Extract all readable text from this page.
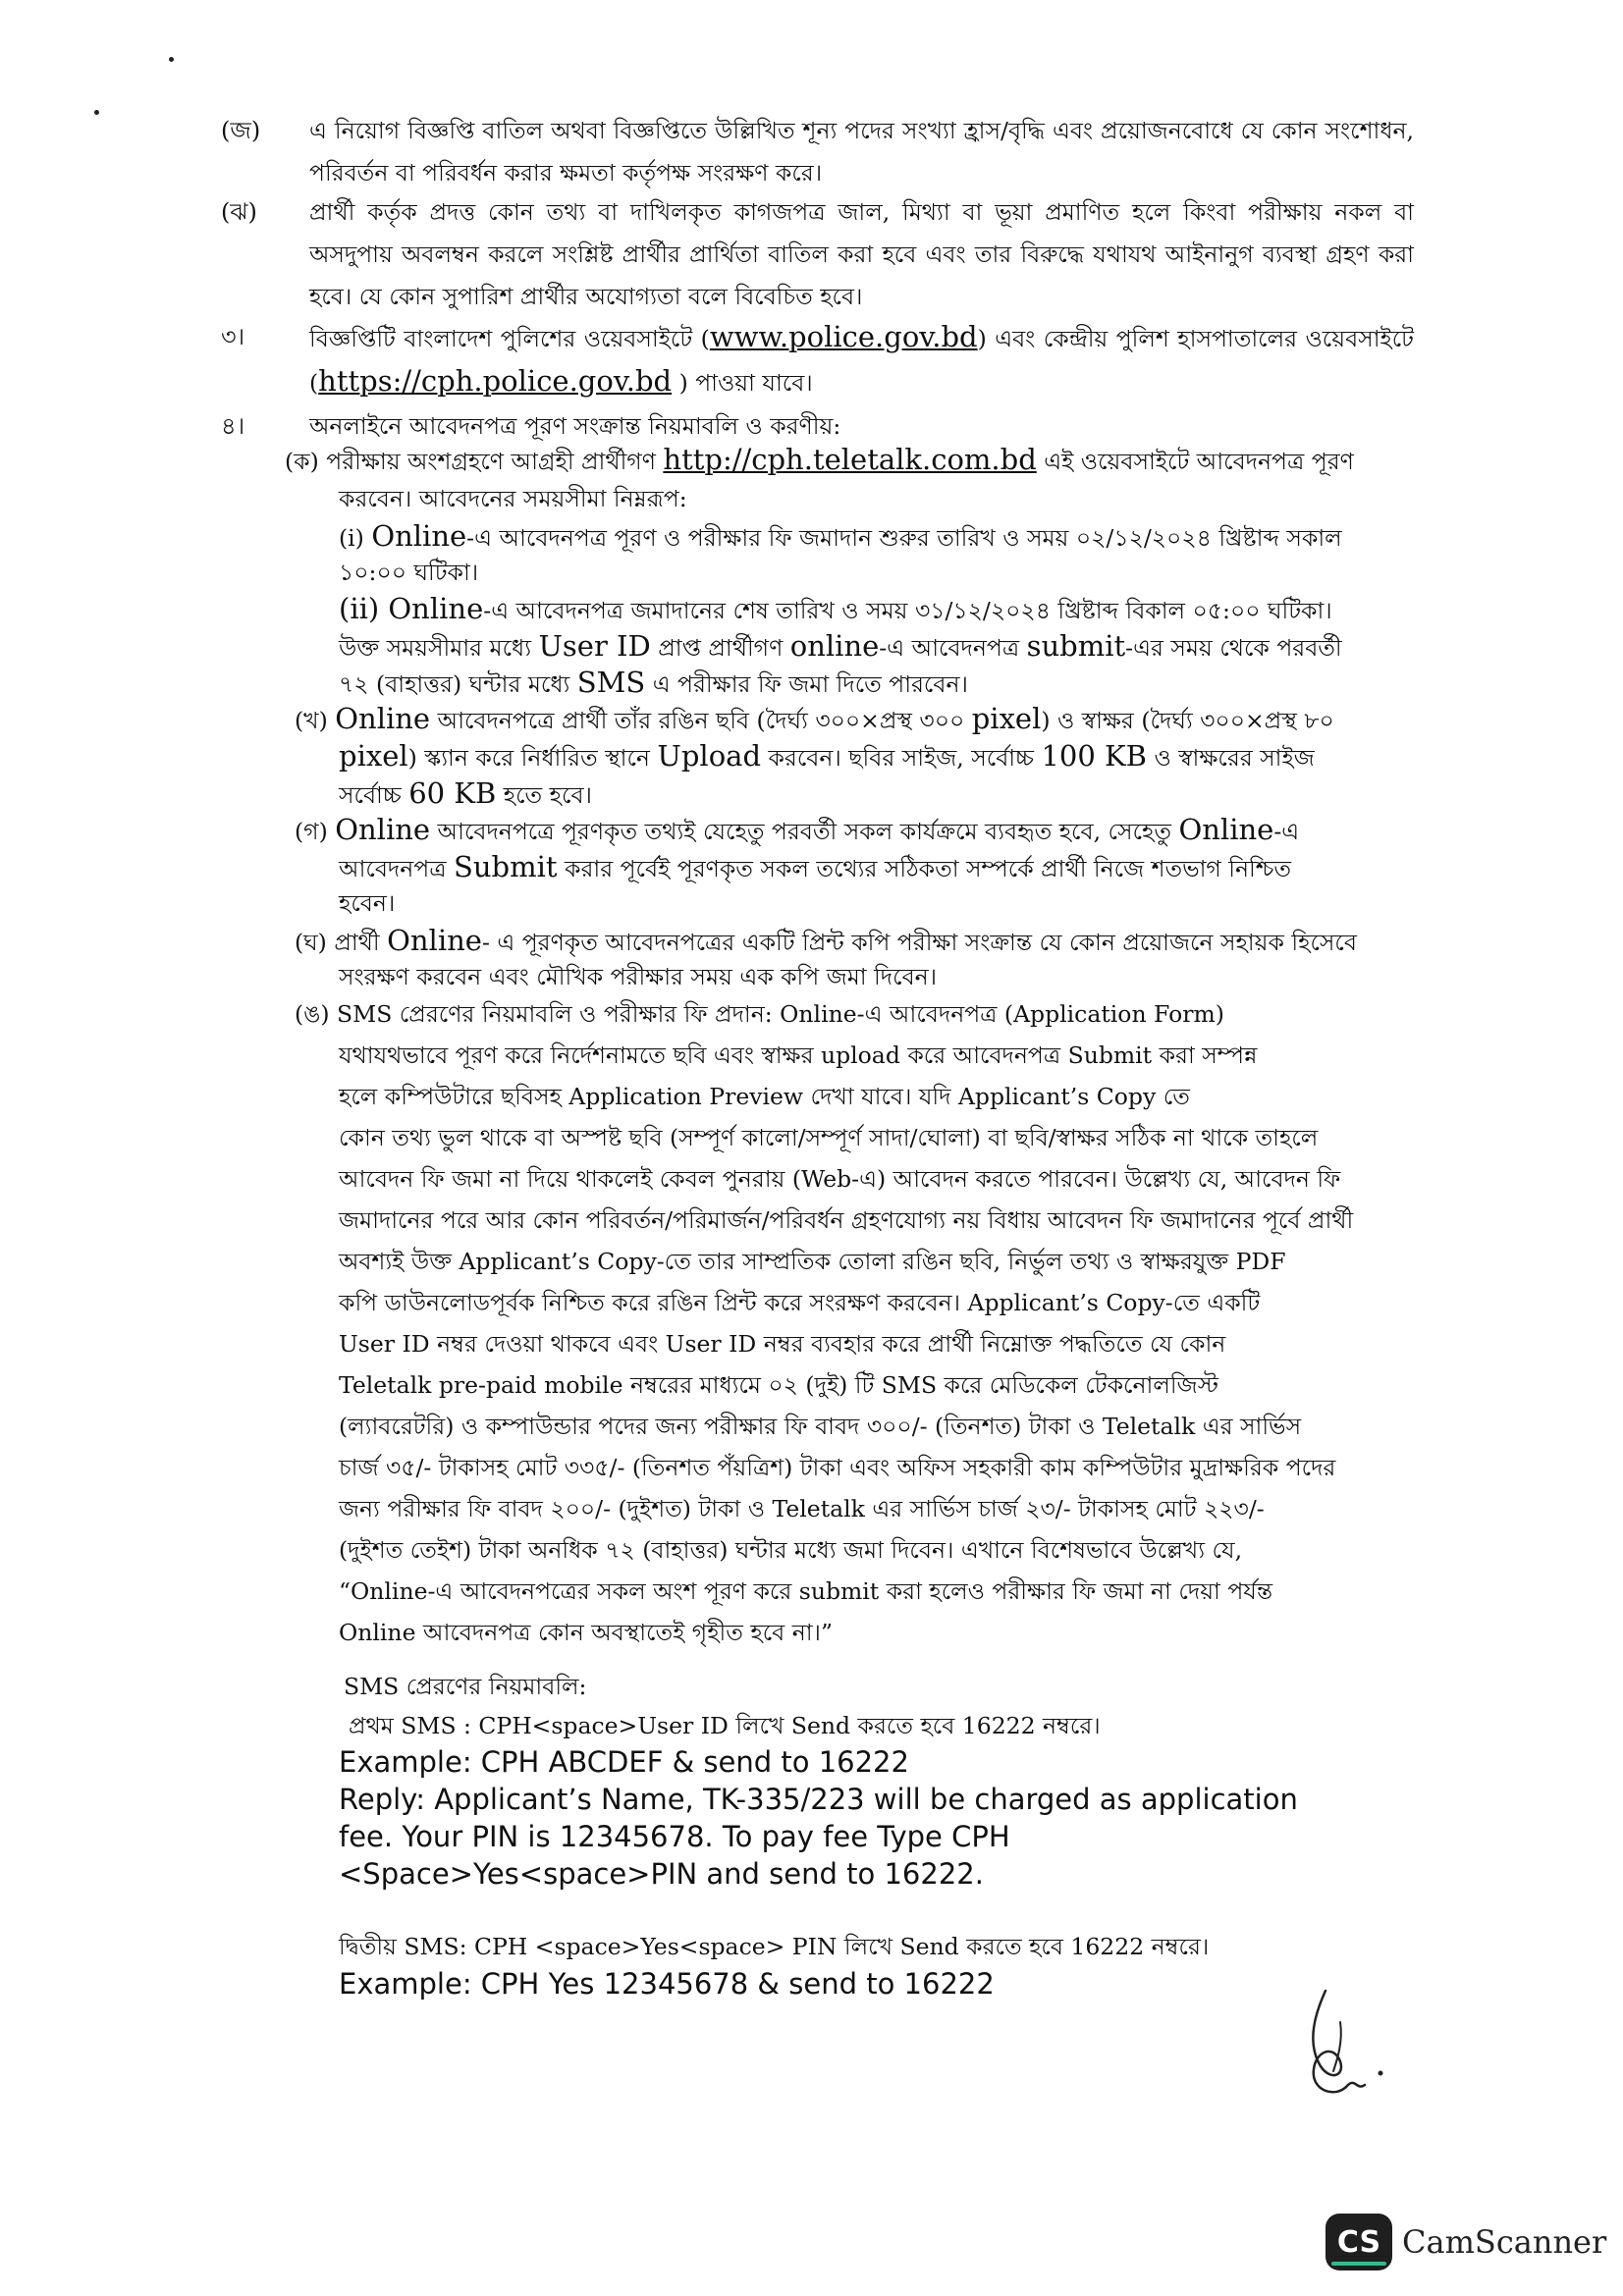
(জ)	এ নিয়োগ বিজ্ঞপ্তি বাতিল অথবা বিজ্ঞপ্তিতে উল্লিখিত শূন্য পদের সংখ্যা হ্রাস/বৃদ্ধি এবং প্রয়োজনবোধে যে কোন সংশোধন, পরিবর্তন বা পরিবর্ধন করার ক্ষমতা কর্তৃপক্ষ সংরক্ষণ করে।
(ঝ)	প্রার্থী কর্তৃক প্রদত্ত কোন তথ্য বা দাখিলকৃত কাগজপত্র জাল, মিথ্যা বা ভূয়া প্রমাণিত হলে কিংবা পরীক্ষায় নকল বা অসদুপায় অবলম্বন করলে সংশ্লিষ্ট প্রার্থীর প্রার্থিতা বাতিল করা হবে এবং তার বিরুদ্ধে যথাযথ আইনানুগ ব্যবস্থা গ্রহণ করা হবে। যে কোন সুপারিশ প্রার্থীর অযোগ্যতা বলে বিবেচিত হবে।
৩।	বিজ্ঞপ্তিটি বাংলাদেশ পুলিশের ওয়েবসাইটে (www.police.gov.bd) এবং কেন্দ্রীয় পুলিশ হাসপাতালের ওয়েবসাইটে (https://cph.police.gov.bd ) পাওয়া যাবে।
৪।	অনলাইনে আবেদনপত্র পূরণ সংক্রান্ত নিয়মাবলি ও করণীয়:
(ক) পরীক্ষায় অংশগ্রহণে আগ্রহী প্রার্থীগণ http://cph.teletalk.com.bd এই ওয়েবসাইটে আবেদনপত্র পূরণ
করবেন। আবেদনের সময়সীমা নিম্নরূপ:
(i) Online-এ আবেদনপত্র পূরণ ও পরীক্ষার ফি জমাদান শুরুর তারিখ ও সময় ০২/১২/২০২৪ খ্রিষ্টাব্দ সকাল
১০:০০ ঘটিকা।
(ii) Online-এ আবেদনপত্র জমাদানের শেষ তারিখ ও সময় ৩১/১২/২০২৪ খ্রিষ্টাব্দ বিকাল ০৫:০০ ঘটিকা।
উক্ত সময়সীমার মধ্যে User ID প্রাপ্ত প্রার্থীগণ online-এ আবেদনপত্র submit-এর সময় থেকে পরবর্তী
৭২ (বাহাত্তর) ঘন্টার মধ্যে SMS এ পরীক্ষার ফি জমা দিতে পারবেন।
(খ) Online আবেদনপত্রে প্রার্থী তাঁর রঙিন ছবি (দৈর্ঘ্য ৩০০×প্রস্থ ৩০০ pixel) ও স্বাক্ষর (দৈর্ঘ্য ৩০০×প্রস্থ ৮০
pixel) স্ক্যান করে নির্ধারিত স্থানে Upload করবেন। ছবির সাইজ, সর্বোচ্চ 100 KB ও স্বাক্ষরের সাইজ
সর্বোচ্চ 60 KB হতে হবে।
(গ) Online আবেদনপত্রে পূরণকৃত তথ্যই যেহেতু পরবর্তী সকল কার্যক্রমে ব্যবহৃত হবে, সেহেতু Online-এ
আবেদনপত্র Submit করার পূর্বেই পূরণকৃত সকল তথ্যের সঠিকতা সম্পর্কে প্রার্থী নিজে শতভাগ নিশ্চিত
হবেন।
(ঘ) প্রার্থী Online- এ পূরণকৃত আবেদনপত্রের একটি প্রিন্ট কপি পরীক্ষা সংক্রান্ত যে কোন প্রয়োজনে সহায়ক হিসেবে
সংরক্ষণ করবেন এবং মৌখিক পরীক্ষার সময় এক কপি জমা দিবেন।
(ঙ) SMS প্রেরণের নিয়মাবলি ও পরীক্ষার ফি প্রদান: Online-এ আবেদনপত্র (Application Form)
যথাযথভাবে পূরণ করে নির্দেশনামতে ছবি এবং স্বাক্ষর upload করে আবেদনপত্র Submit করা সম্পন্ন
হলে কম্পিউটারে ছবিসহ Application Preview দেখা যাবে। যদি Applicant’s Copy তে
কোন তথ্য ভুল থাকে বা অস্পষ্ট ছবি (সম্পূর্ণ কালো/সম্পূর্ণ সাদা/ঘোলা) বা ছবি/স্বাক্ষর সঠিক না থাকে তাহলে
আবেদন ফি জমা না দিয়ে থাকলেই কেবল পুনরায় (Web-এ) আবেদন করতে পারবেন। উল্লেখ্য যে, আবেদন ফি
জমাদানের পরে আর কোন পরিবর্তন/পরিমার্জন/পরিবর্ধন গ্রহণযোগ্য নয় বিধায় আবেদন ফি জমাদানের পূর্বে প্রার্থী
অবশ্যই উক্ত Applicant’s Copy-তে তার সাম্প্রতিক তোলা রঙিন ছবি, নির্ভুল তথ্য ও স্বাক্ষরযুক্ত PDF
কপি ডাউনলোডপূর্বক নিশ্চিত করে রঙিন প্রিন্ট করে সংরক্ষণ করবেন। Applicant’s Copy-তে একটি
User ID নম্বর দেওয়া থাকবে এবং User ID নম্বর ব্যবহার করে প্রার্থী নিম্নোক্ত পদ্ধতিতে যে কোন
Teletalk pre-paid mobile নম্বরের মাধ্যমে ০২ (দুই) টি SMS করে মেডিকেল টেকনোলজিস্ট
(ল্যাবরেটরি) ও কম্পাউন্ডার পদের জন্য পরীক্ষার ফি বাবদ ৩০০/- (তিনশত) টাকা ও Teletalk এর সার্ভিস
চার্জ ৩৫/- টাকাসহ মোট ৩৩৫/- (তিনশত পঁয়ত্রিশ) টাকা এবং অফিস সহকারী কাম কম্পিউটার মুদ্রাক্ষরিক পদের
জন্য পরীক্ষার ফি বাবদ ২০০/- (দুইশত) টাকা ও Teletalk এর সার্ভিস চার্জ ২৩/- টাকাসহ মোট ২২৩/-
(দুইশত তেইশ) টাকা অনধিক ৭২ (বাহাত্তর) ঘন্টার মধ্যে জমা দিবেন। এখানে বিশেষভাবে উল্লেখ্য যে,
“Online-এ আবেদনপত্রের সকল অংশ পূরণ করে submit করা হলেও পরীক্ষার ফি জমা না দেয়া পর্যন্ত
Online আবেদনপত্র কোন অবস্থাতেই গৃহীত হবে না।”
SMS প্রেরণের নিয়মাবলি:
প্রথম SMS : CPH<space>User ID লিখে Send করতে হবে 16222 নম্বরে।
Example: CPH ABCDEF & send to 16222
Reply: Applicant’s Name, TK-335/223 will be charged as application
fee. Your PIN is 12345678. To pay fee Type CPH
<Space>Yes<space>PIN and send to 16222.
দ্বিতীয় SMS: CPH <space>Yes<space> PIN লিখে Send করতে হবে 16222 নম্বরে।
Example: CPH Yes 12345678 & send to 16222
CS CamScanner
